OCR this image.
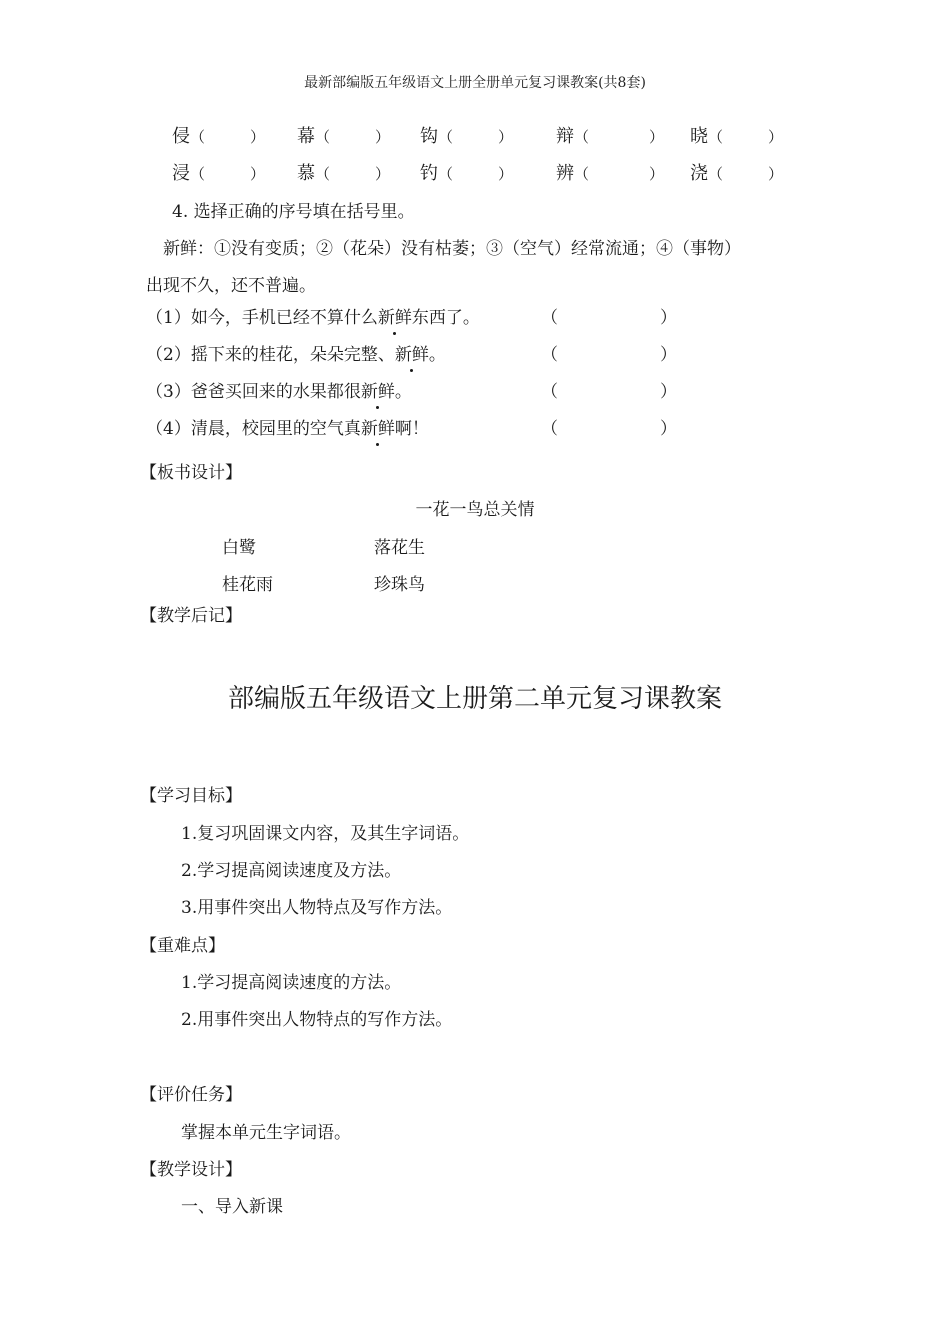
最新部编版五年级语文上册全册单元复习课教案(共8套)
侵（　　　） 幕（　　　） 钩（　　　） 辩（　　　　） 晓（　　　）
浸（　　　） 慕（　　　） 钓（　　　） 辨（　　　　） 浇（　　　）
4. 选择正确的序号填在括号里。
新鲜：①没有变质；②（花朵）没有枯萎；③（空气）经常流通；④（事物）
出现不久，还不普遍。
（1）如今，手机已经不算什么新鲜东西了。	（　　　　　　）
（2）摇下来的桂花，朵朵完整、新鲜。	（　　　　　　）
（3）爸爸买回来的水果都很新鲜。	（　　　　　　）
（4）清晨，校园里的空气真新鲜啊！	（　　　　　　）
【板书设计】
一花一鸟总关情
白鹭	落花生
桂花雨	珍珠鸟
【教学后记】
部编版五年级语文上册第二单元复习课教案
【学习目标】
1.复习巩固课文内容，及其生字词语。
2.学习提高阅读速度及方法。
3.用事件突出人物特点及写作方法。
【重难点】
1.学习提高阅读速度的方法。
2.用事件突出人物特点的写作方法。
【评价任务】
掌握本单元生字词语。
【教学设计】
一、导入新课
